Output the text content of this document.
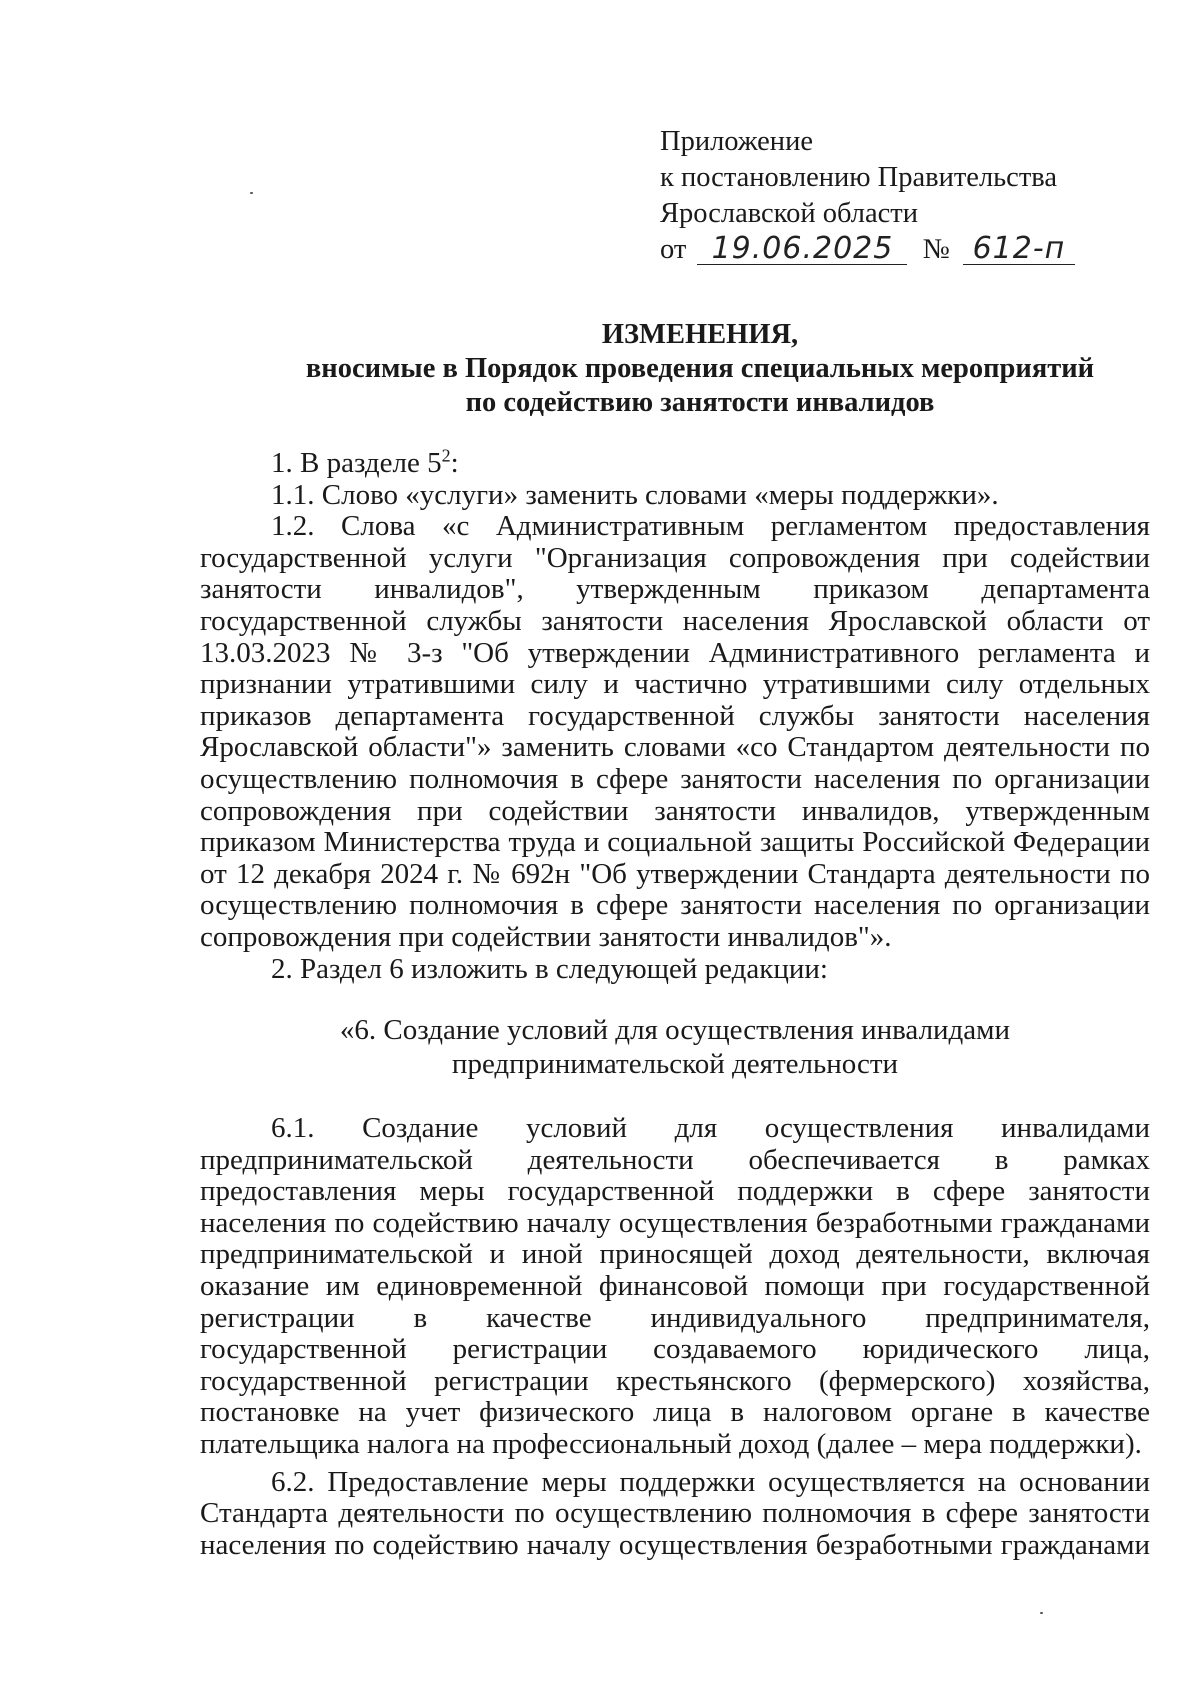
Приложение
к постановлению Правительства
Ярославской области
от 19.06.2025 № 612-п
ИЗМЕНЕНИЯ,
вносимые в Порядок проведения специальных мероприятий
по содействию занятости инвалидов

1. В разделе $5^2$:

1.1. Слово «услуги» заменить словами «меры поддержки».

1.2. Слова «с Административным регламентом предоставления государственной услуги "Организация сопровождения при содействии занятости инвалидов", утвержденным приказом департамента государственной службы занятости населения Ярославской области от 13.03.2023 № 3-з "Об утверждении Административного регламента и признании утратившими силу и частично утратившими силу отдельных приказов департамента государственной службы занятости населения Ярославской области"» заменить словами «со Стандартом деятельности по осуществлению полномочия в сфере занятости населения по организации сопровождения при содействии занятости инвалидов, утвержденным приказом Министерства труда и социальной защиты Российской Федерации от 12 декабря 2024 г. № 692н "Об утверждении Стандарта деятельности по осуществлению полномочия в сфере занятости населения по организации сопровождения при содействии занятости инвалидов"».

2. Раздел 6 изложить в следующей редакции:

«6. Создание условий для осуществления инвалидами
предпринимательской деятельности

6.1. Создание условий для осуществления инвалидами предпринимательской деятельности обеспечивается в рамках предоставления меры государственной поддержки в сфере занятости населения по содействию началу осуществления безработными гражданами предпринимательской и иной приносящей доход деятельности, включая оказание им единовременной финансовой помощи при государственной регистрации в качестве индивидуального предпринимателя, государственной регистрации создаваемого юридического лица, государственной регистрации крестьянского (фермерского) хозяйства, постановке на учет физического лица в налоговом органе в качестве плательщика налога на профессиональный доход (далее – мера поддержки).

6.2. Предоставление меры поддержки осуществляется на основании Стандарта деятельности по осуществлению полномочия в сфере занятости населения по содействию началу осуществления безработными гражданами
